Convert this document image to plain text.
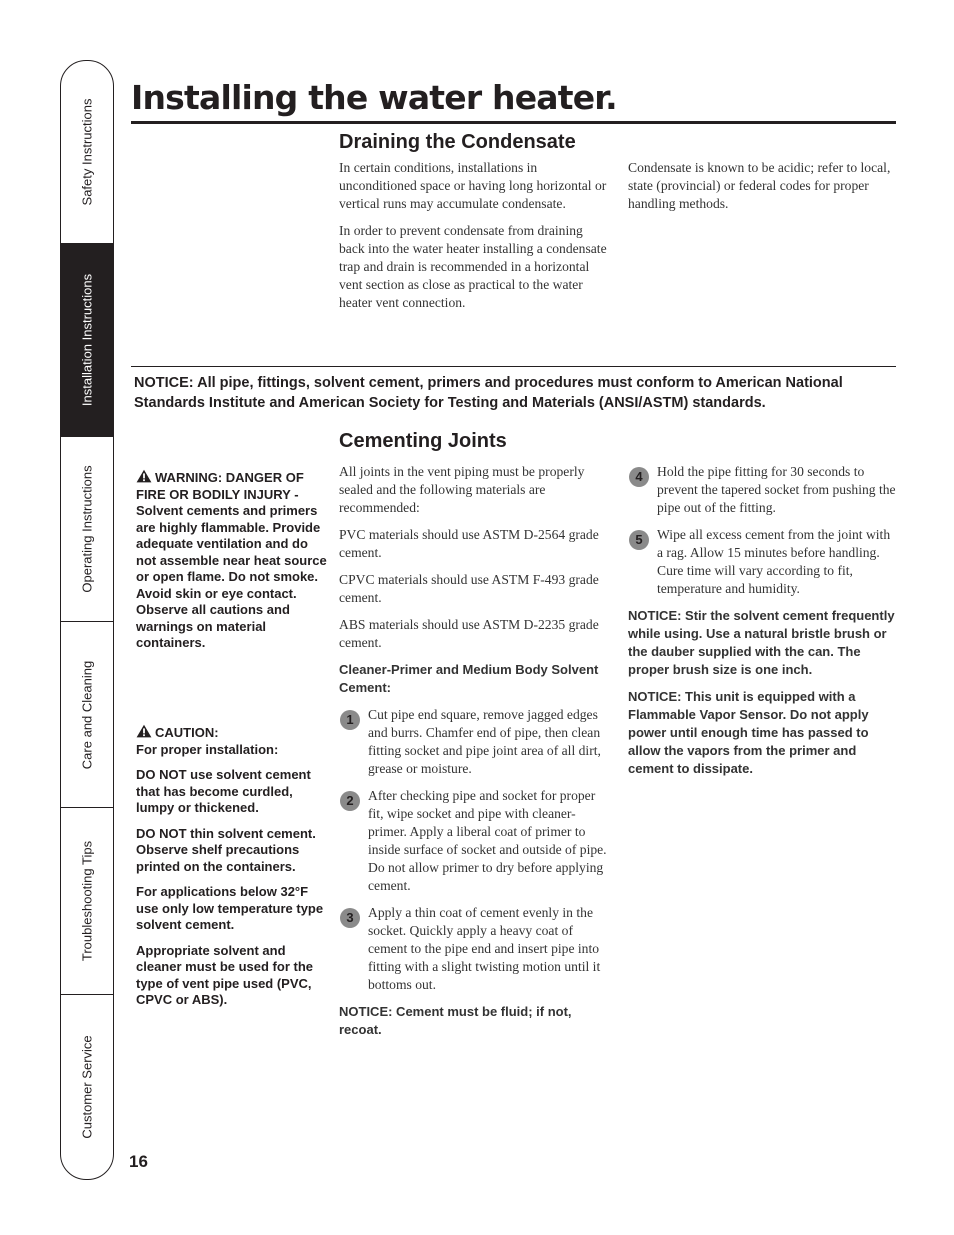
Safety Instructions
Installation Instructions
Operating Instructions
Care and Cleaning
Troubleshooting Tips
Customer Service
Installing the water heater.
Draining the Condensate

In certain conditions, installations in unconditioned space or having long horizontal or vertical runs may accumulate condensate.

In order to prevent condensate from draining back into the water heater installing a condensate trap and drain is recommended in a horizontal vent section as close as practical to the water heater vent connection.

Condensate is known to be acidic; refer to local, state (provincial) or federal codes for proper handling methods.

NOTICE: All pipe, fittings, solvent cement, primers and procedures must conform to American National Standards Institute and American Society for Testing and Materials (ANSI/ASTM) standards.
Cementing Joints

WARNING: DANGER OF FIRE OR BODILY INJURY - Solvent cements and primers are highly flammable. Provide adequate ventilation and do not assemble near heat source or open flame. Do not smoke. Avoid skin or eye contact. Observe all cautions and warnings on material containers.

CAUTION:

For proper installation:

DO NOT use solvent cement that has become curdled, lumpy or thickened.

DO NOT thin solvent cement. Observe shelf precautions printed on the containers.

For applications below 32°F use only low temperature type solvent cement.

Appropriate solvent and cleaner must be used for the type of vent pipe used (PVC, CPVC or ABS).

All joints in the vent piping must be properly sealed and the following materials are recommended:

PVC materials should use ASTM D-2564 grade cement.

CPVC materials should use ASTM F-493 grade cement.

ABS materials should use ASTM D-2235 grade cement.

Cleaner-Primer and Medium Body Solvent Cement:
1	Cut pipe end square, remove jagged edges and burrs. Chamfer end of pipe, then clean fitting socket and pipe joint area of all dirt, grease or moisture.
2	After checking pipe and socket for proper fit, wipe socket and pipe with cleaner-primer. Apply a liberal coat of primer to inside surface of socket and outside of pipe. Do not allow primer to dry before applying cement.
3	Apply a thin coat of cement evenly in the socket. Quickly apply a heavy coat of cement to the pipe end and insert pipe into fitting with a slight twisting motion until it bottoms out.
NOTICE: Cement must be fluid; if not, recoat.
4	Hold the pipe fitting for 30 seconds to prevent the tapered socket from pushing the pipe out of the fitting.
5	Wipe all excess cement from the joint with a rag. Allow 15 minutes before handling. Cure time will vary according to fit, temperature and humidity.
NOTICE: Stir the solvent cement frequently while using. Use a natural bristle brush or the dauber supplied with the can. The proper brush size is one inch.
NOTICE: This unit is equipped with a Flammable Vapor Sensor. Do not apply power until enough time has passed to allow the vapors from the primer and cement to dissipate.
16
